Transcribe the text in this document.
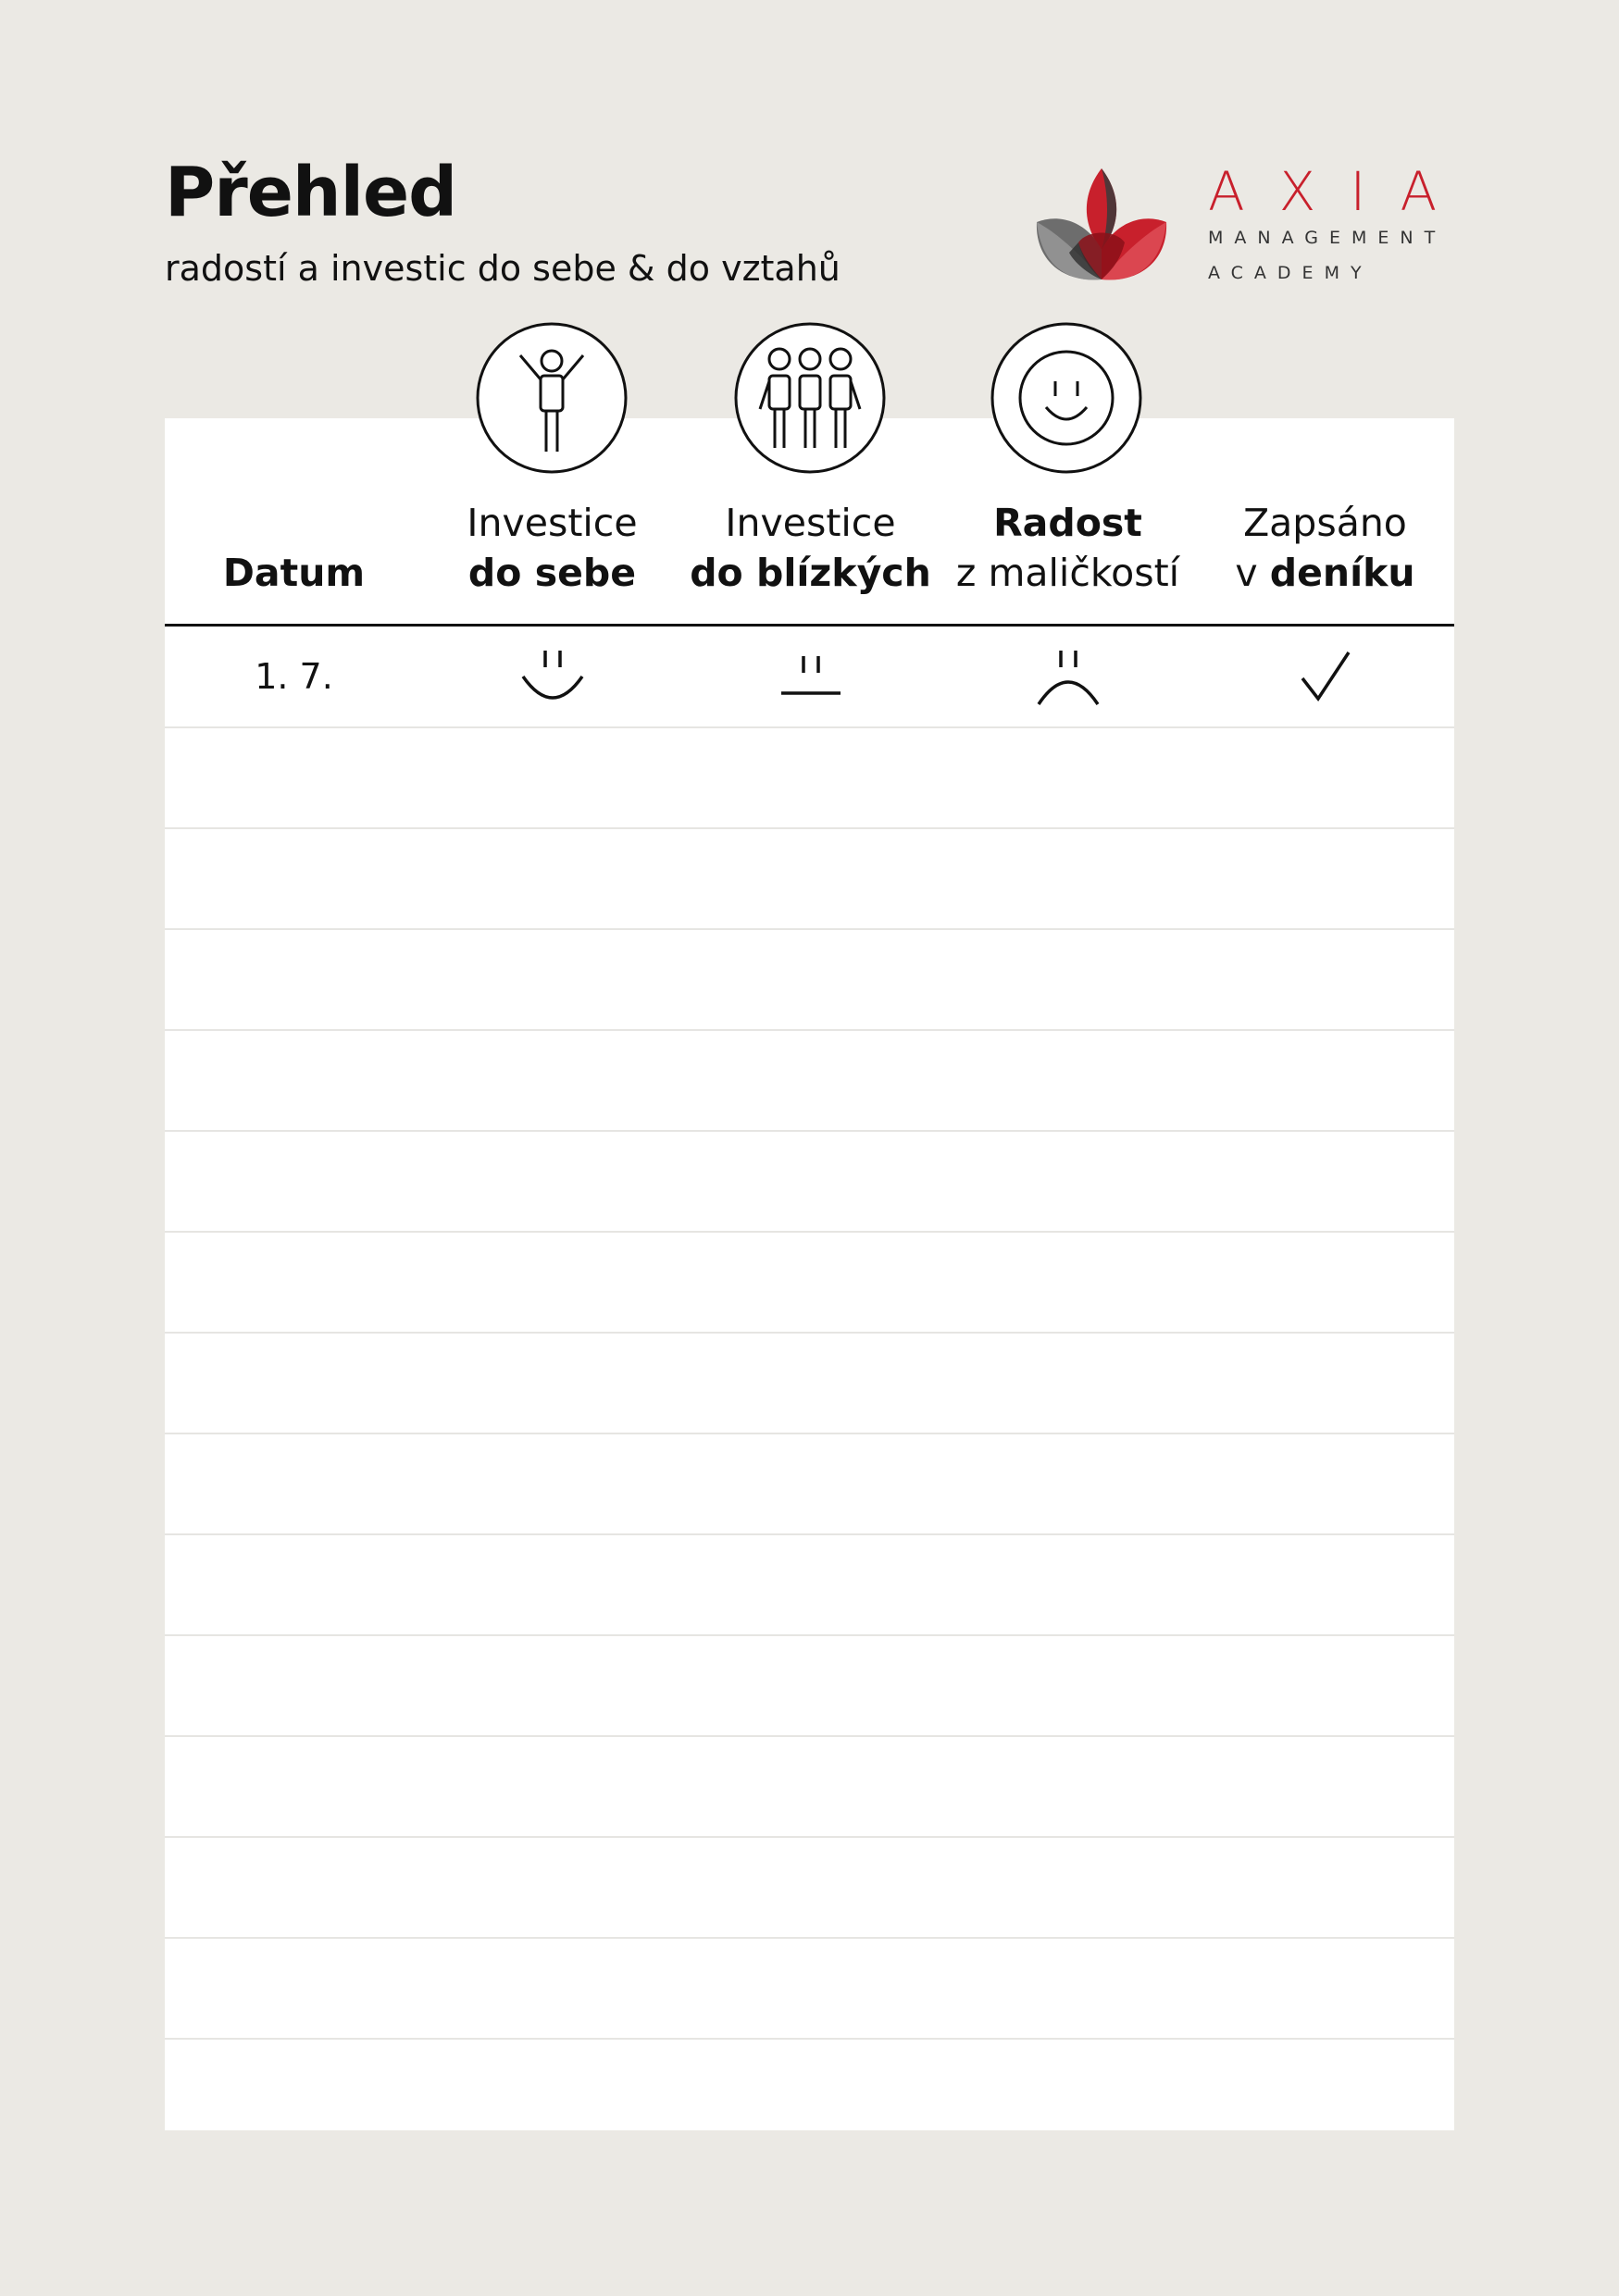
Přehled
radostí a investic do sebe & do vztahů
AXIA
MANAGEMENT
ACADEMY
Datum
Investice
do sebe
Investice
do blízkých
Radost
z maličkostí
Zapsáno
v deníku
1. 7.
